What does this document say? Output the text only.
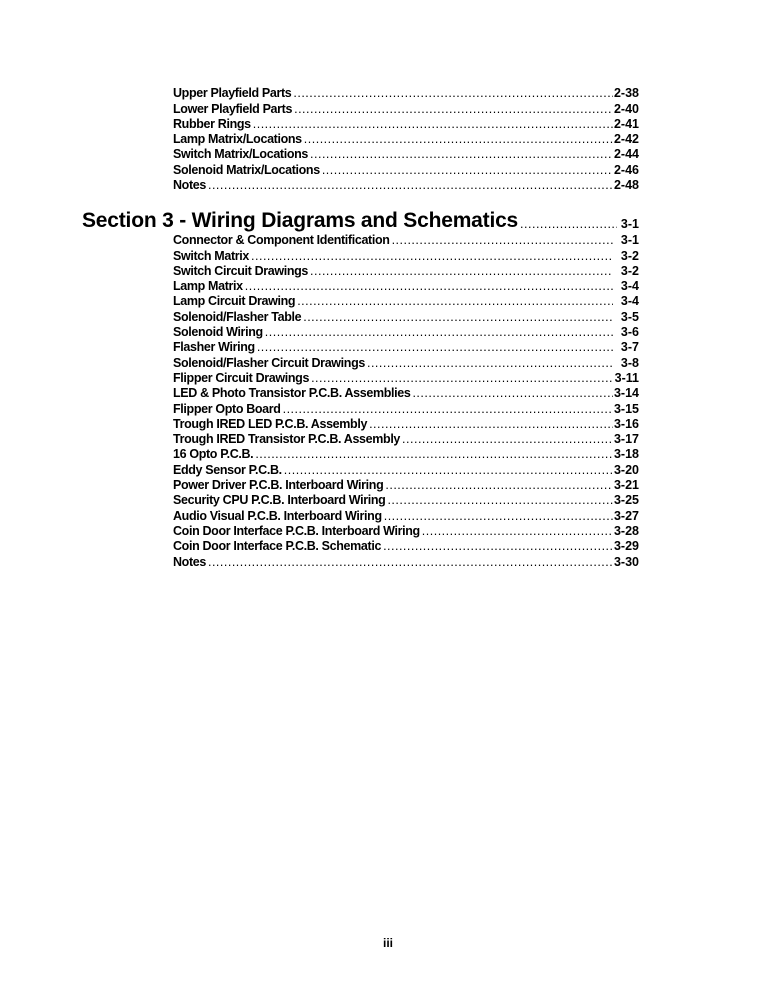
Upper Playfield Parts .....	2-38
Lower Playfield Parts .....	2-40
Rubber Rings .....	2-41
Lamp Matrix/Locations .....	2-42
Switch Matrix/Locations .....	2-44
Solenoid Matrix/Locations .....	2-46
Notes .....	2-48
Section 3 - Wiring Diagrams and Schematics .....	3-1
Connector & Component Identification .....	3-1
Switch Matrix .....	3-2
Switch Circuit Drawings .....	3-2
Lamp Matrix .....	3-4
Lamp Circuit Drawing .....	3-4
Solenoid/Flasher Table .....	3-5
Solenoid Wiring .....	3-6
Flasher Wiring .....	3-7
Solenoid/Flasher Circuit Drawings .....	3-8
Flipper Circuit Drawings .....	3-11
LED & Photo Transistor P.C.B. Assemblies .....	3-14
Flipper Opto Board .....	3-15
Trough IRED LED P.C.B. Assembly .....	3-16
Trough IRED Transistor P.C.B. Assembly .....	3-17
16 Opto P.C.B. .....	3-18
Eddy Sensor P.C.B. .....	3-20
Power Driver P.C.B. Interboard Wiring .....	3-21
Security CPU P.C.B. Interboard Wiring .....	3-25
Audio Visual P.C.B. Interboard Wiring .....	3-27
Coin Door Interface P.C.B. Interboard Wiring .....	3-28
Coin Door Interface P.C.B. Schematic .....	3-29
Notes .....	3-30
iii
